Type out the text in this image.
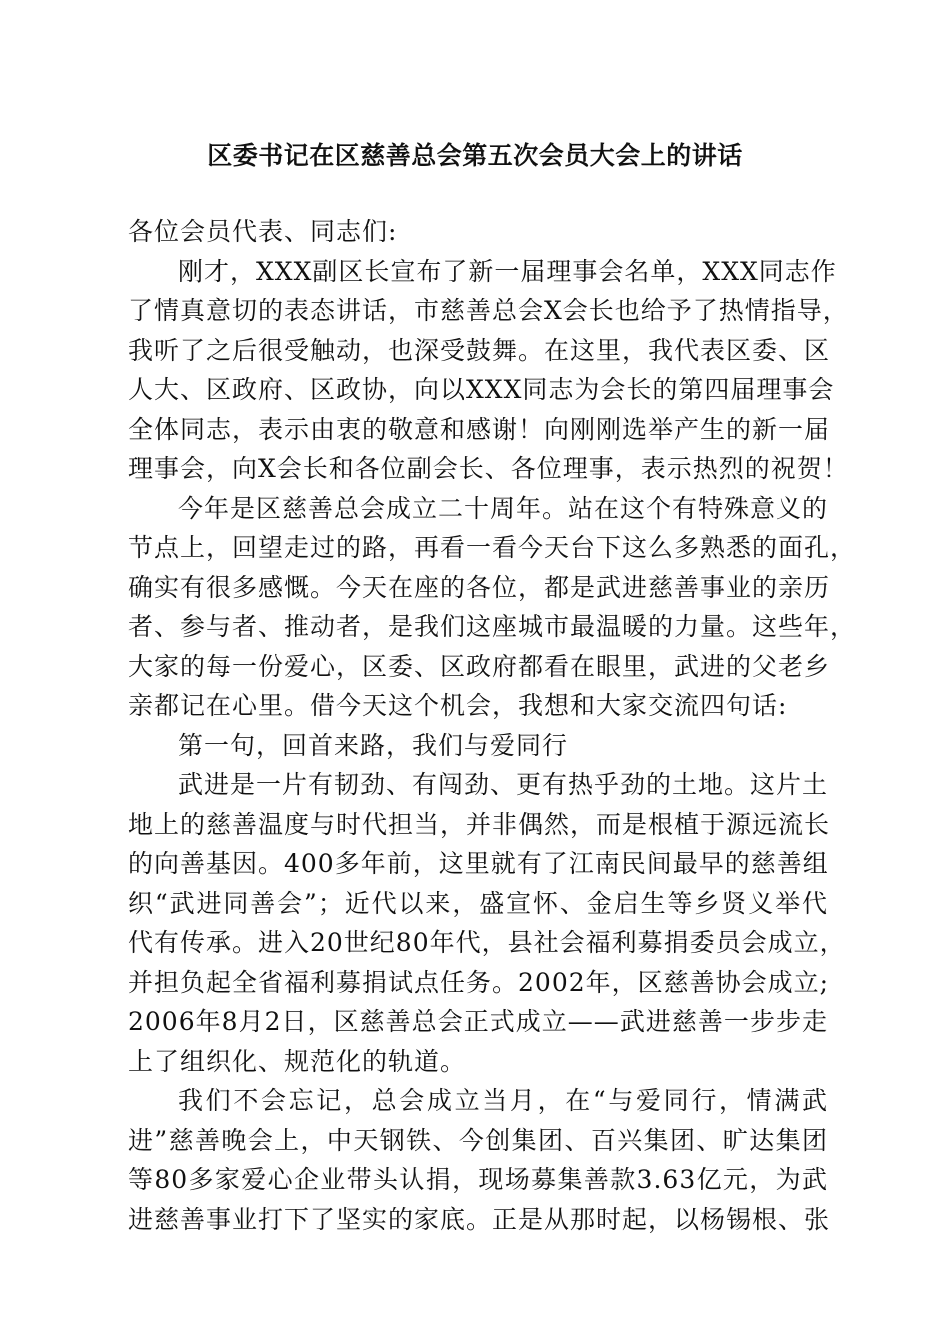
区委书记在区慈善总会第五次会员大会上的讲话
各位会员代表、同志们:
刚才，XXX副区长宣布了新一届理事会名单，XXX同志作
了情真意切的表态讲话，市慈善总会X会长也给予了热情指导，
我听了之后很受触动，也深受鼓舞。在这里，我代表区委、区
人大、区政府、区政协，向以XXX同志为会长的第四届理事会
全体同志，表示由衷的敬意和感谢！向刚刚选举产生的新一届
理事会，向X会长和各位副会长、各位理事，表示热烈的祝贺！
今年是区慈善总会成立二十周年。站在这个有特殊意义的
节点上，回望走过的路，再看一看今天台下这么多熟悉的面孔，
确实有很多感慨。今天在座的各位，都是武进慈善事业的亲历
者、参与者、推动者，是我们这座城市最温暖的力量。这些年，
大家的每一份爱心，区委、区政府都看在眼里，武进的父老乡
亲都记在心里。借今天这个机会，我想和大家交流四句话:
第一句，回首来路，我们与爱同行
武进是一片有韧劲、有闯劲、更有热乎劲的土地。这片土
地上的慈善温度与时代担当，并非偶然，而是根植于源远流长
的向善基因。400多年前，这里就有了江南民间最早的慈善组
织“武进同善会”；近代以来，盛宣怀、金启生等乡贤义举代
代有传承。进入20世纪80年代，县社会福利募捐委员会成立，
并担负起全省福利募捐试点任务。2002年，区慈善协会成立;
2006年8月2日，区慈善总会正式成立——武进慈善一步步走
上了组织化、规范化的轨道。
我们不会忘记，总会成立当月，在“与爱同行，情满武
进”慈善晚会上，中天钢铁、今创集团、百兴集团、旷达集团
等80多家爱心企业带头认捐，现场募集善款3.63亿元，为武
进慈善事业打下了坚实的家底。正是从那时起，以杨锡根、张
